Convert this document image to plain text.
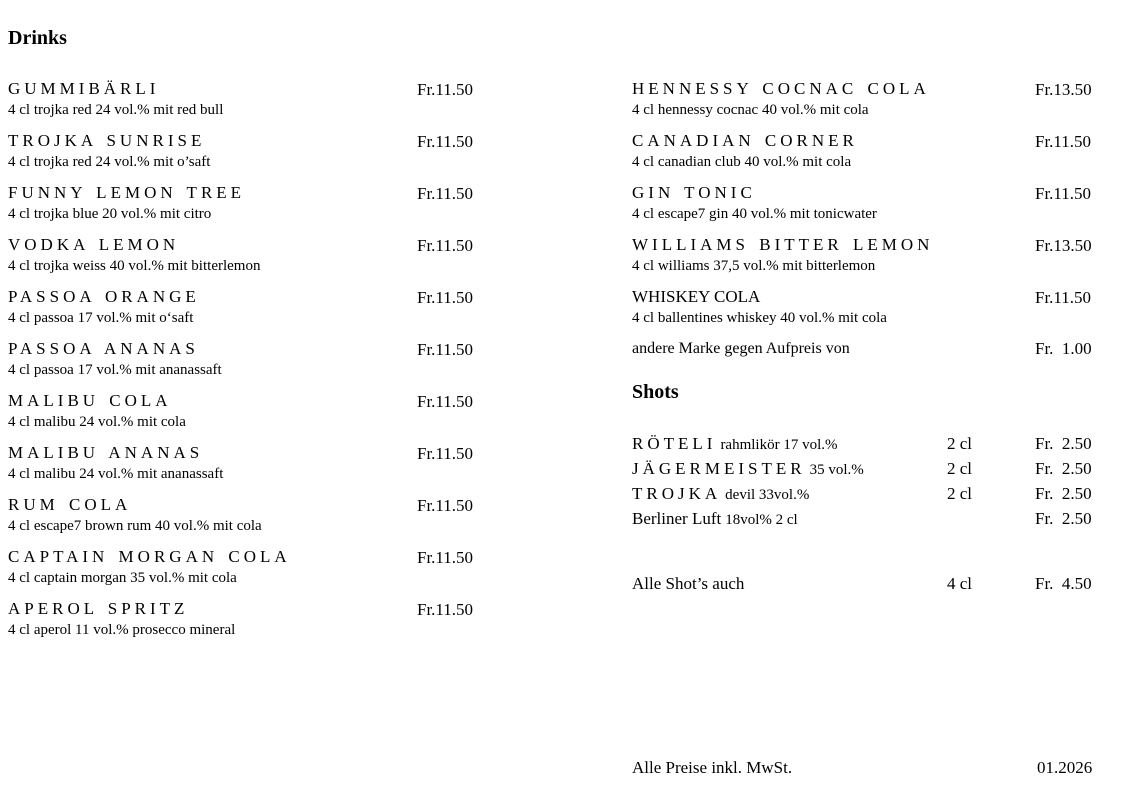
Drinks
GUMMIBÄRLI	Fr.11.50
4 cl trojka red 24 vol.% mit red bull
TROJKA SUNRISE	Fr.11.50
4 cl trojka red 24 vol.% mit o’saft
FUNNY LEMON TREE	Fr.11.50
4 cl trojka blue 20 vol.% mit citro
VODKA LEMON	Fr.11.50
4 cl trojka weiss 40 vol.% mit bitterlemon
PASSOA ORANGE	Fr.11.50
4 cl passoa 17 vol.% mit o‘saft
PASSOA ANANAS	Fr.11.50
4 cl passoa 17 vol.% mit ananassaft
MALIBU COLA	Fr.11.50
4 cl malibu 24 vol.% mit cola
MALIBU ANANAS	Fr.11.50
4 cl malibu 24 vol.% mit ananassaft
RUM COLA	Fr.11.50
4 cl escape7 brown rum 40 vol.% mit cola
CAPTAIN MORGAN COLA	Fr.11.50
4 cl captain morgan 35 vol.% mit cola
APEROL SPRITZ	Fr.11.50
4 cl aperol 11 vol.% prosecco mineral
HENNESSY COCNAC COLA	Fr.13.50
4 cl hennessy cocnac 40 vol.% mit cola
CANADIAN CORNER	Fr.11.50
4 cl canadian club 40 vol.% mit cola
GIN TONIC	Fr.11.50
4 cl escape7 gin 40 vol.% mit tonicwater
WILLIAMS BITTER LEMON	Fr.13.50
4 cl williams 37,5 vol.% mit bitterlemon
WHISKEY COLA	Fr.11.50
4 cl ballentines whiskey 40 vol.% mit cola
andere Marke gegen Aufpreis von	Fr.  1.00
Shots
RÖTELI rahmlikör 17 vol.%	2 cl	Fr.  2.50
JÄGERMEISTER 35 vol.%	2 cl	Fr.  2.50
TROJKA devil 33vol.%	2 cl	Fr.  2.50
Berliner Luft 18vol% 2 cl	Fr.  2.50
Alle Shot’s auch	4 cl	Fr.  4.50
Alle Preise inkl. MwSt.	01.2026
